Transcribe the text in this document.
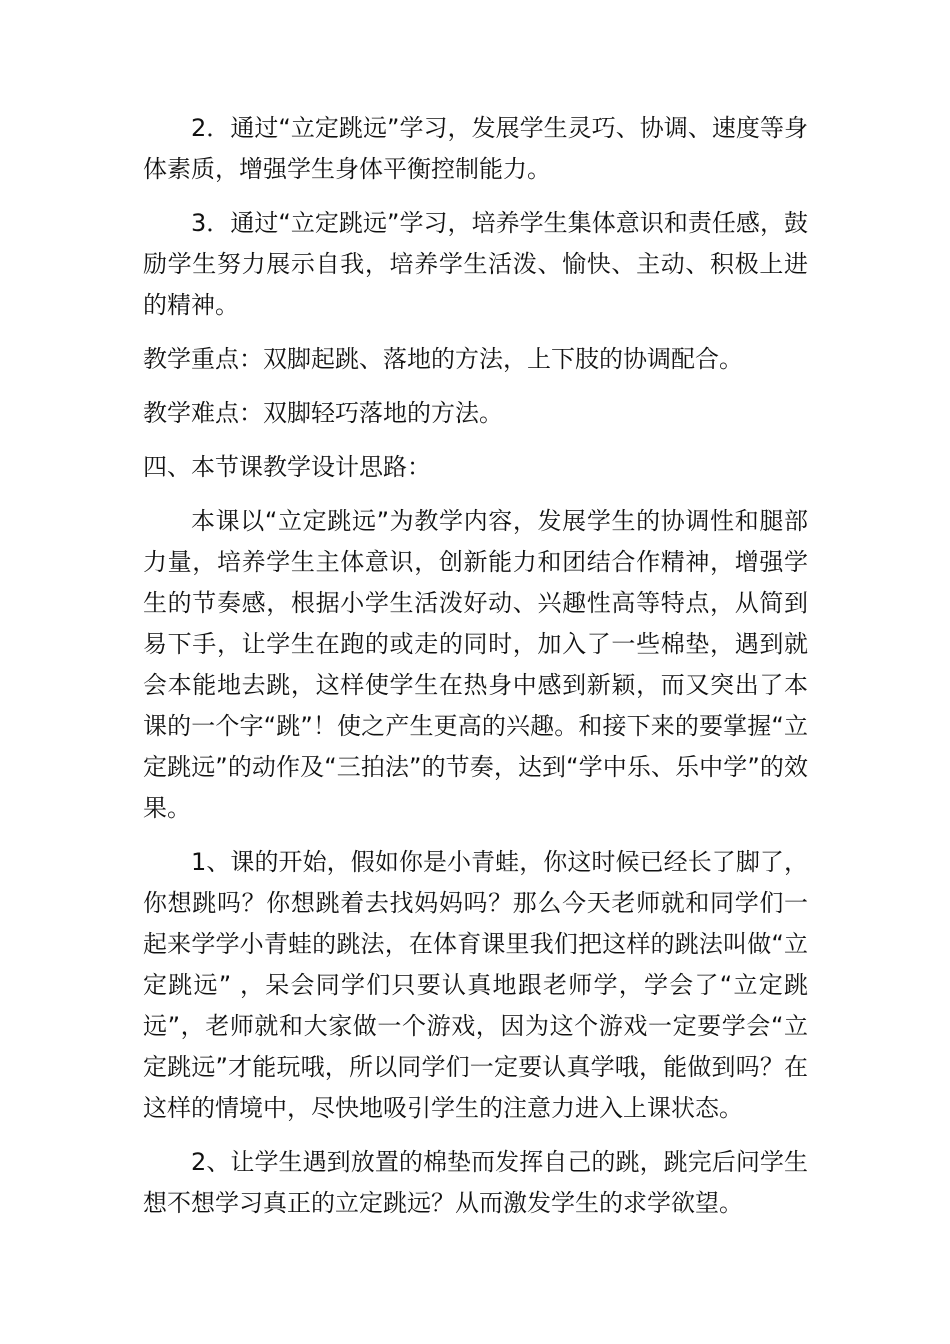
2．通过“立定跳远”学习，发展学生灵巧、协调、速度等身体素质，增强学生身体平衡控制能力。

3．通过“立定跳远”学习，培养学生集体意识和责任感，鼓励学生努力展示自我，培养学生活泼、愉快、主动、积极上进的精神。

教学重点：双脚起跳、落地的方法，上下肢的协调配合。

教学难点：双脚轻巧落地的方法。

四、本节课教学设计思路：

本课以“立定跳远”为教学内容，发展学生的协调性和腿部力量，培养学生主体意识，创新能力和团结合作精神，增强学生的节奏感，根据小学生活泼好动、兴趣性高等特点，从简到易下手，让学生在跑的或走的同时，加入了一些棉垫，遇到就会本能地去跳，这样使学生在热身中感到新颖，而又突出了本课的一个字“跳”！使之产生更高的兴趣。和接下来的要掌握“立定跳远”的动作及“三拍法”的节奏，达到“学中乐、乐中学”的效果。

1、课的开始，假如你是小青蛙，你这时候已经长了脚了，你想跳吗？你想跳着去找妈妈吗？那么今天老师就和同学们一起来学学小青蛙的跳法，在体育课里我们把这样的跳法叫做“立定跳远” ，呆会同学们只要认真地跟老师学，学会了“立定跳远”，老师就和大家做一个游戏，因为这个游戏一定要学会“立定跳远”才能玩哦，所以同学们一定要认真学哦，能做到吗？在这样的情境中，尽快地吸引学生的注意力进入上课状态。

2、让学生遇到放置的棉垫而发挥自己的跳，跳完后问学生想不想学习真正的立定跳远？从而激发学生的求学欲望。
